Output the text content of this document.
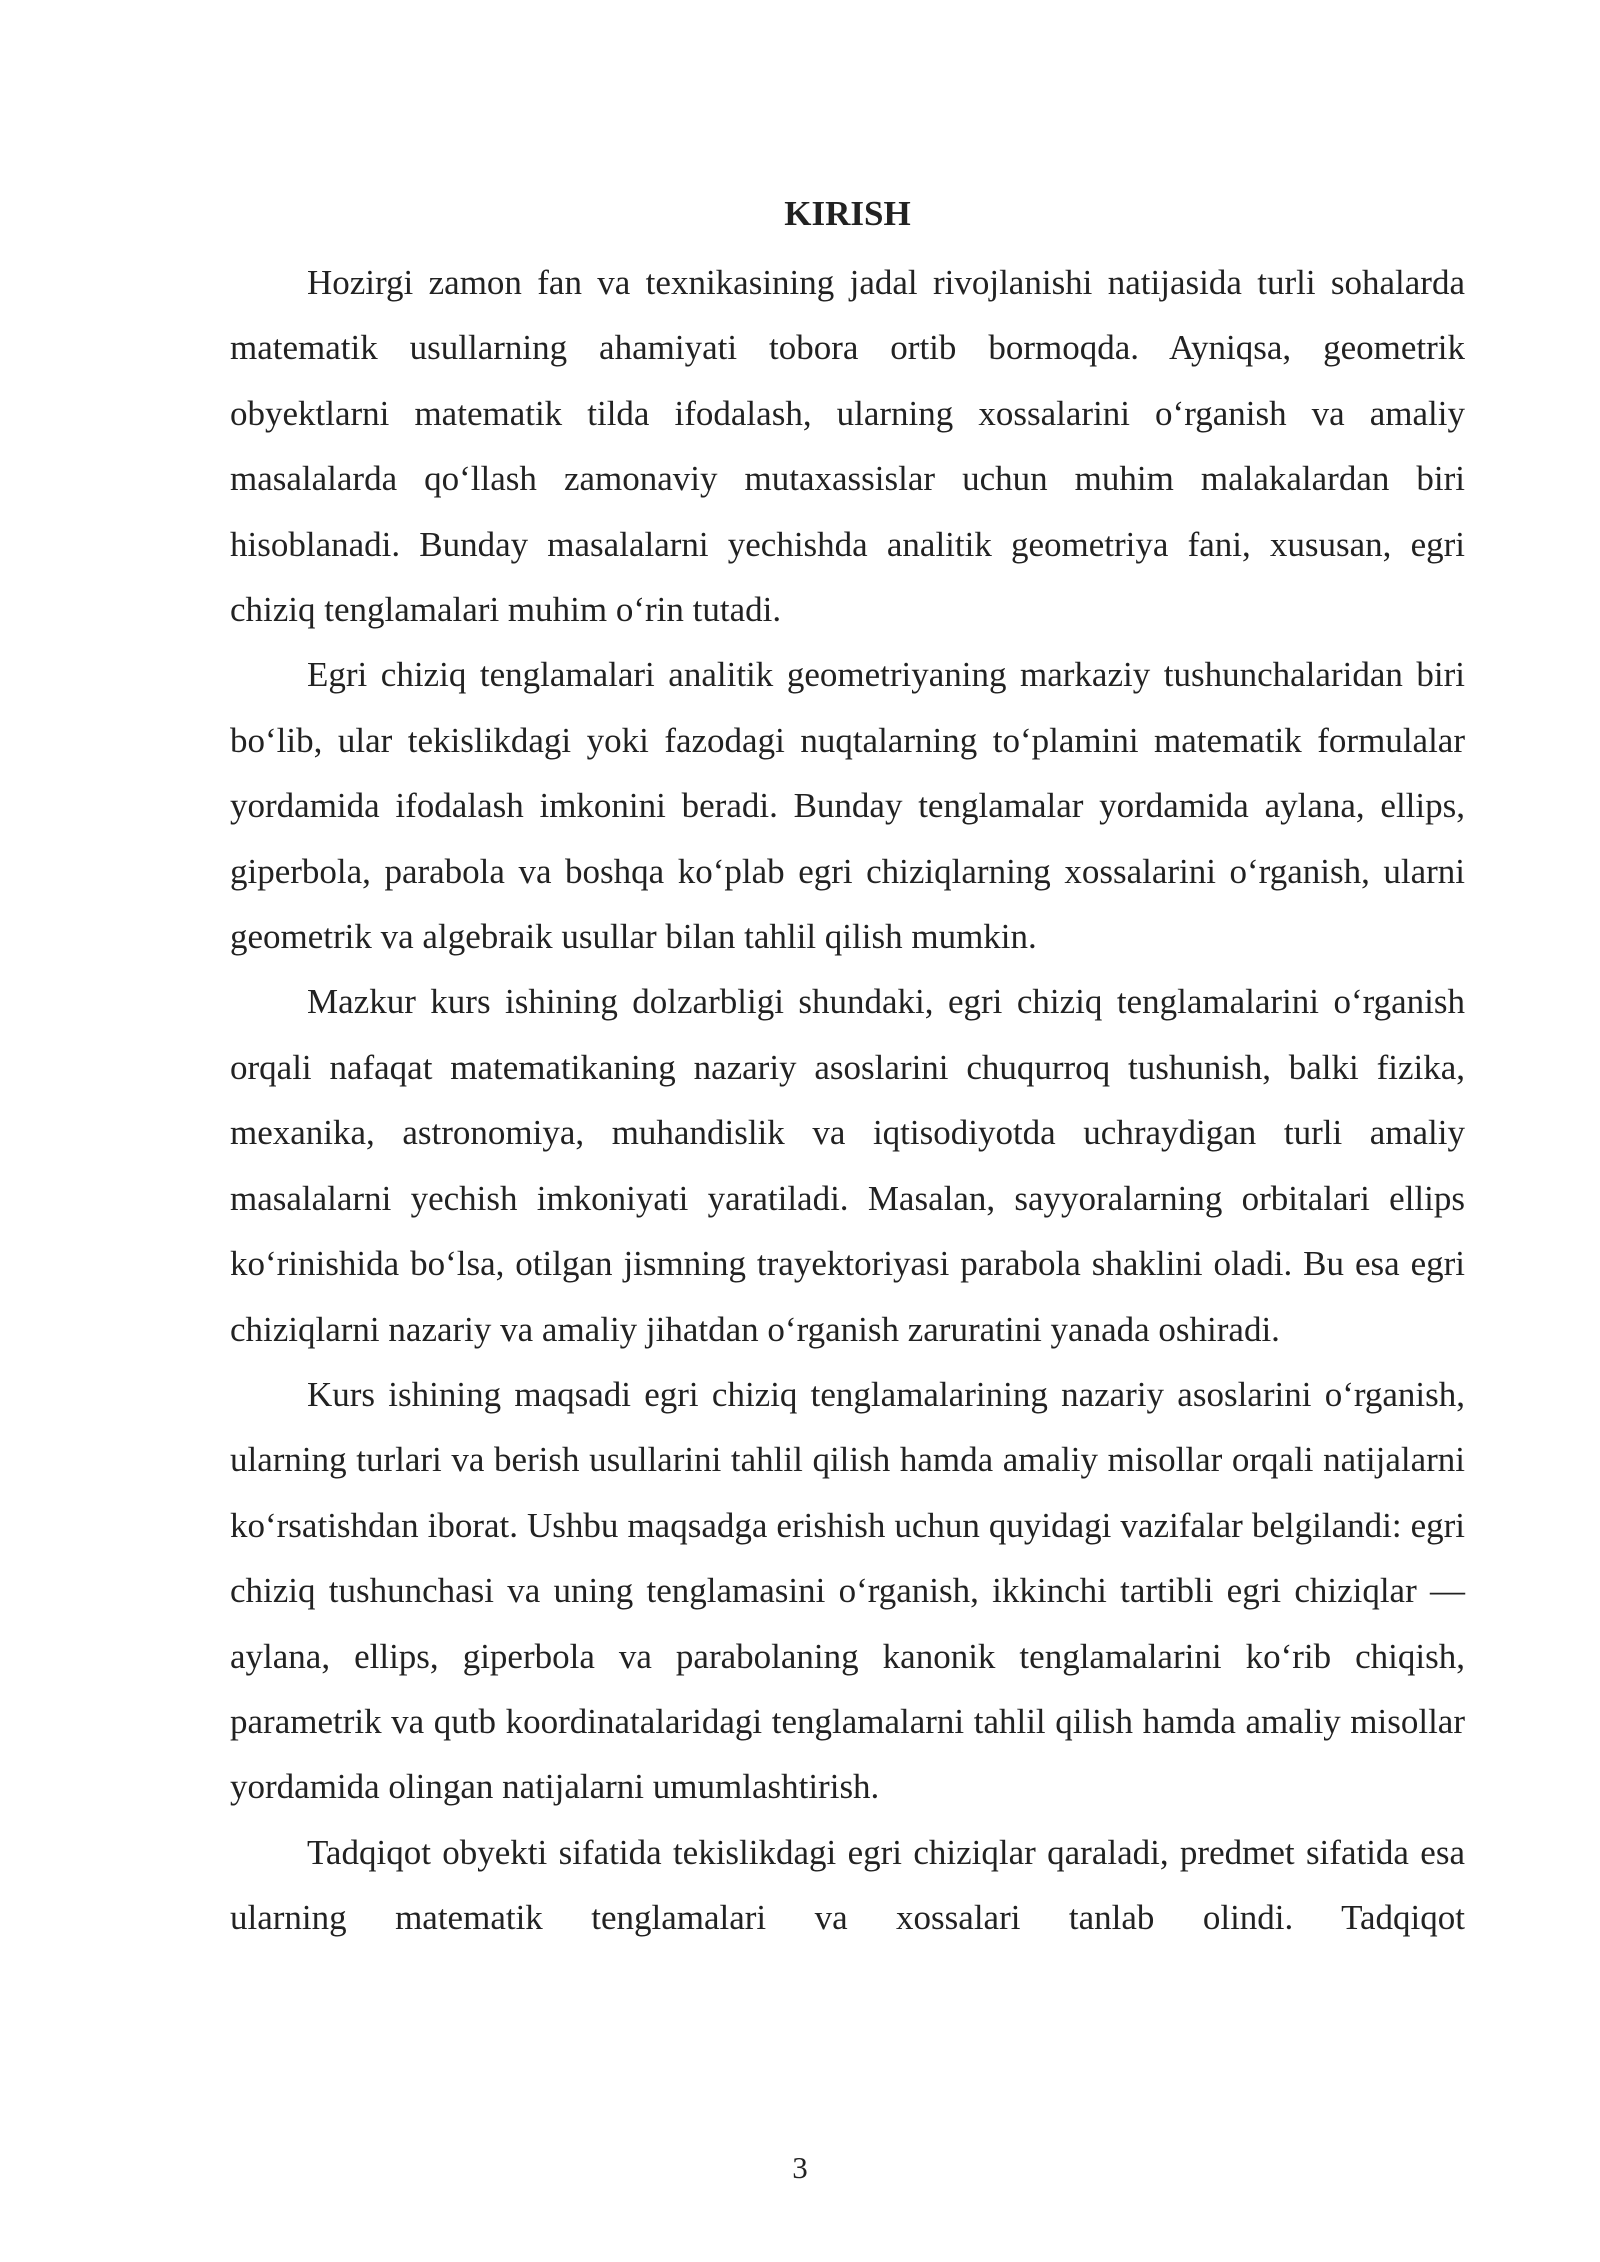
KIRISH

Hozirgi zamon fan va texnikasining jadal rivojlanishi natijasida turli sohalarda matematik usullarning ahamiyati tobora ortib bormoqda. Ayniqsa, geometrik obyektlarni matematik tilda ifodalash, ularning xossalarini o‘rganish va amaliy masalalarda qo‘llash zamonaviy mutaxassislar uchun muhim malakalardan biri hisoblanadi. Bunday masalalarni yechishda analitik geometriya fani, xususan, egri chiziq tenglamalari muhim o‘rin tutadi.

Egri chiziq tenglamalari analitik geometriyaning markaziy tushunchalaridan biri bo‘lib, ular tekislikdagi yoki fazodagi nuqtalarning to‘plamini matematik formulalar yordamida ifodalash imkonini beradi. Bunday tenglamalar yordamida aylana, ellips, giperbola, parabola va boshqa ko‘plab egri chiziqlarning xossalarini o‘rganish, ularni geometrik va algebraik usullar bilan tahlil qilish mumkin.

Mazkur kurs ishining dolzarbligi shundaki, egri chiziq tenglamalarini o‘rganish orqali nafaqat matematikaning nazariy asoslarini chuqurroq tushunish, balki fizika, mexanika, astronomiya, muhandislik va iqtisodiyotda uchraydigan turli amaliy masalalarni yechish imkoniyati yaratiladi. Masalan, sayyoralarning orbitalari ellips ko‘rinishida bo‘lsa, otilgan jismning trayektoriyasi parabola shaklini oladi. Bu esa egri chiziqlarni nazariy va amaliy jihatdan o‘rganish zaruratini yanada oshiradi.

Kurs ishining maqsadi egri chiziq tenglamalarining nazariy asoslarini o‘rganish, ularning turlari va berish usullarini tahlil qilish hamda amaliy misollar orqali natijalarni ko‘rsatishdan iborat. Ushbu maqsadga erishish uchun quyidagi vazifalar belgilandi: egri chiziq tushunchasi va uning tenglamasini o‘rganish, ikkinchi tartibli egri chiziqlar — aylana, ellips, giperbola va parabolaning kanonik tenglamalarini ko‘rib chiqish, parametrik va qutb koordinatalaridagi tenglamalarni tahlil qilish hamda amaliy misollar yordamida olingan natijalarni umumlashtirish.

Tadqiqot obyekti sifatida tekislikdagi egri chiziqlar qaraladi, predmet sifatida esa ularning matematik tenglamalari va xossalari tanlab olindi. Tadqiqot

3
